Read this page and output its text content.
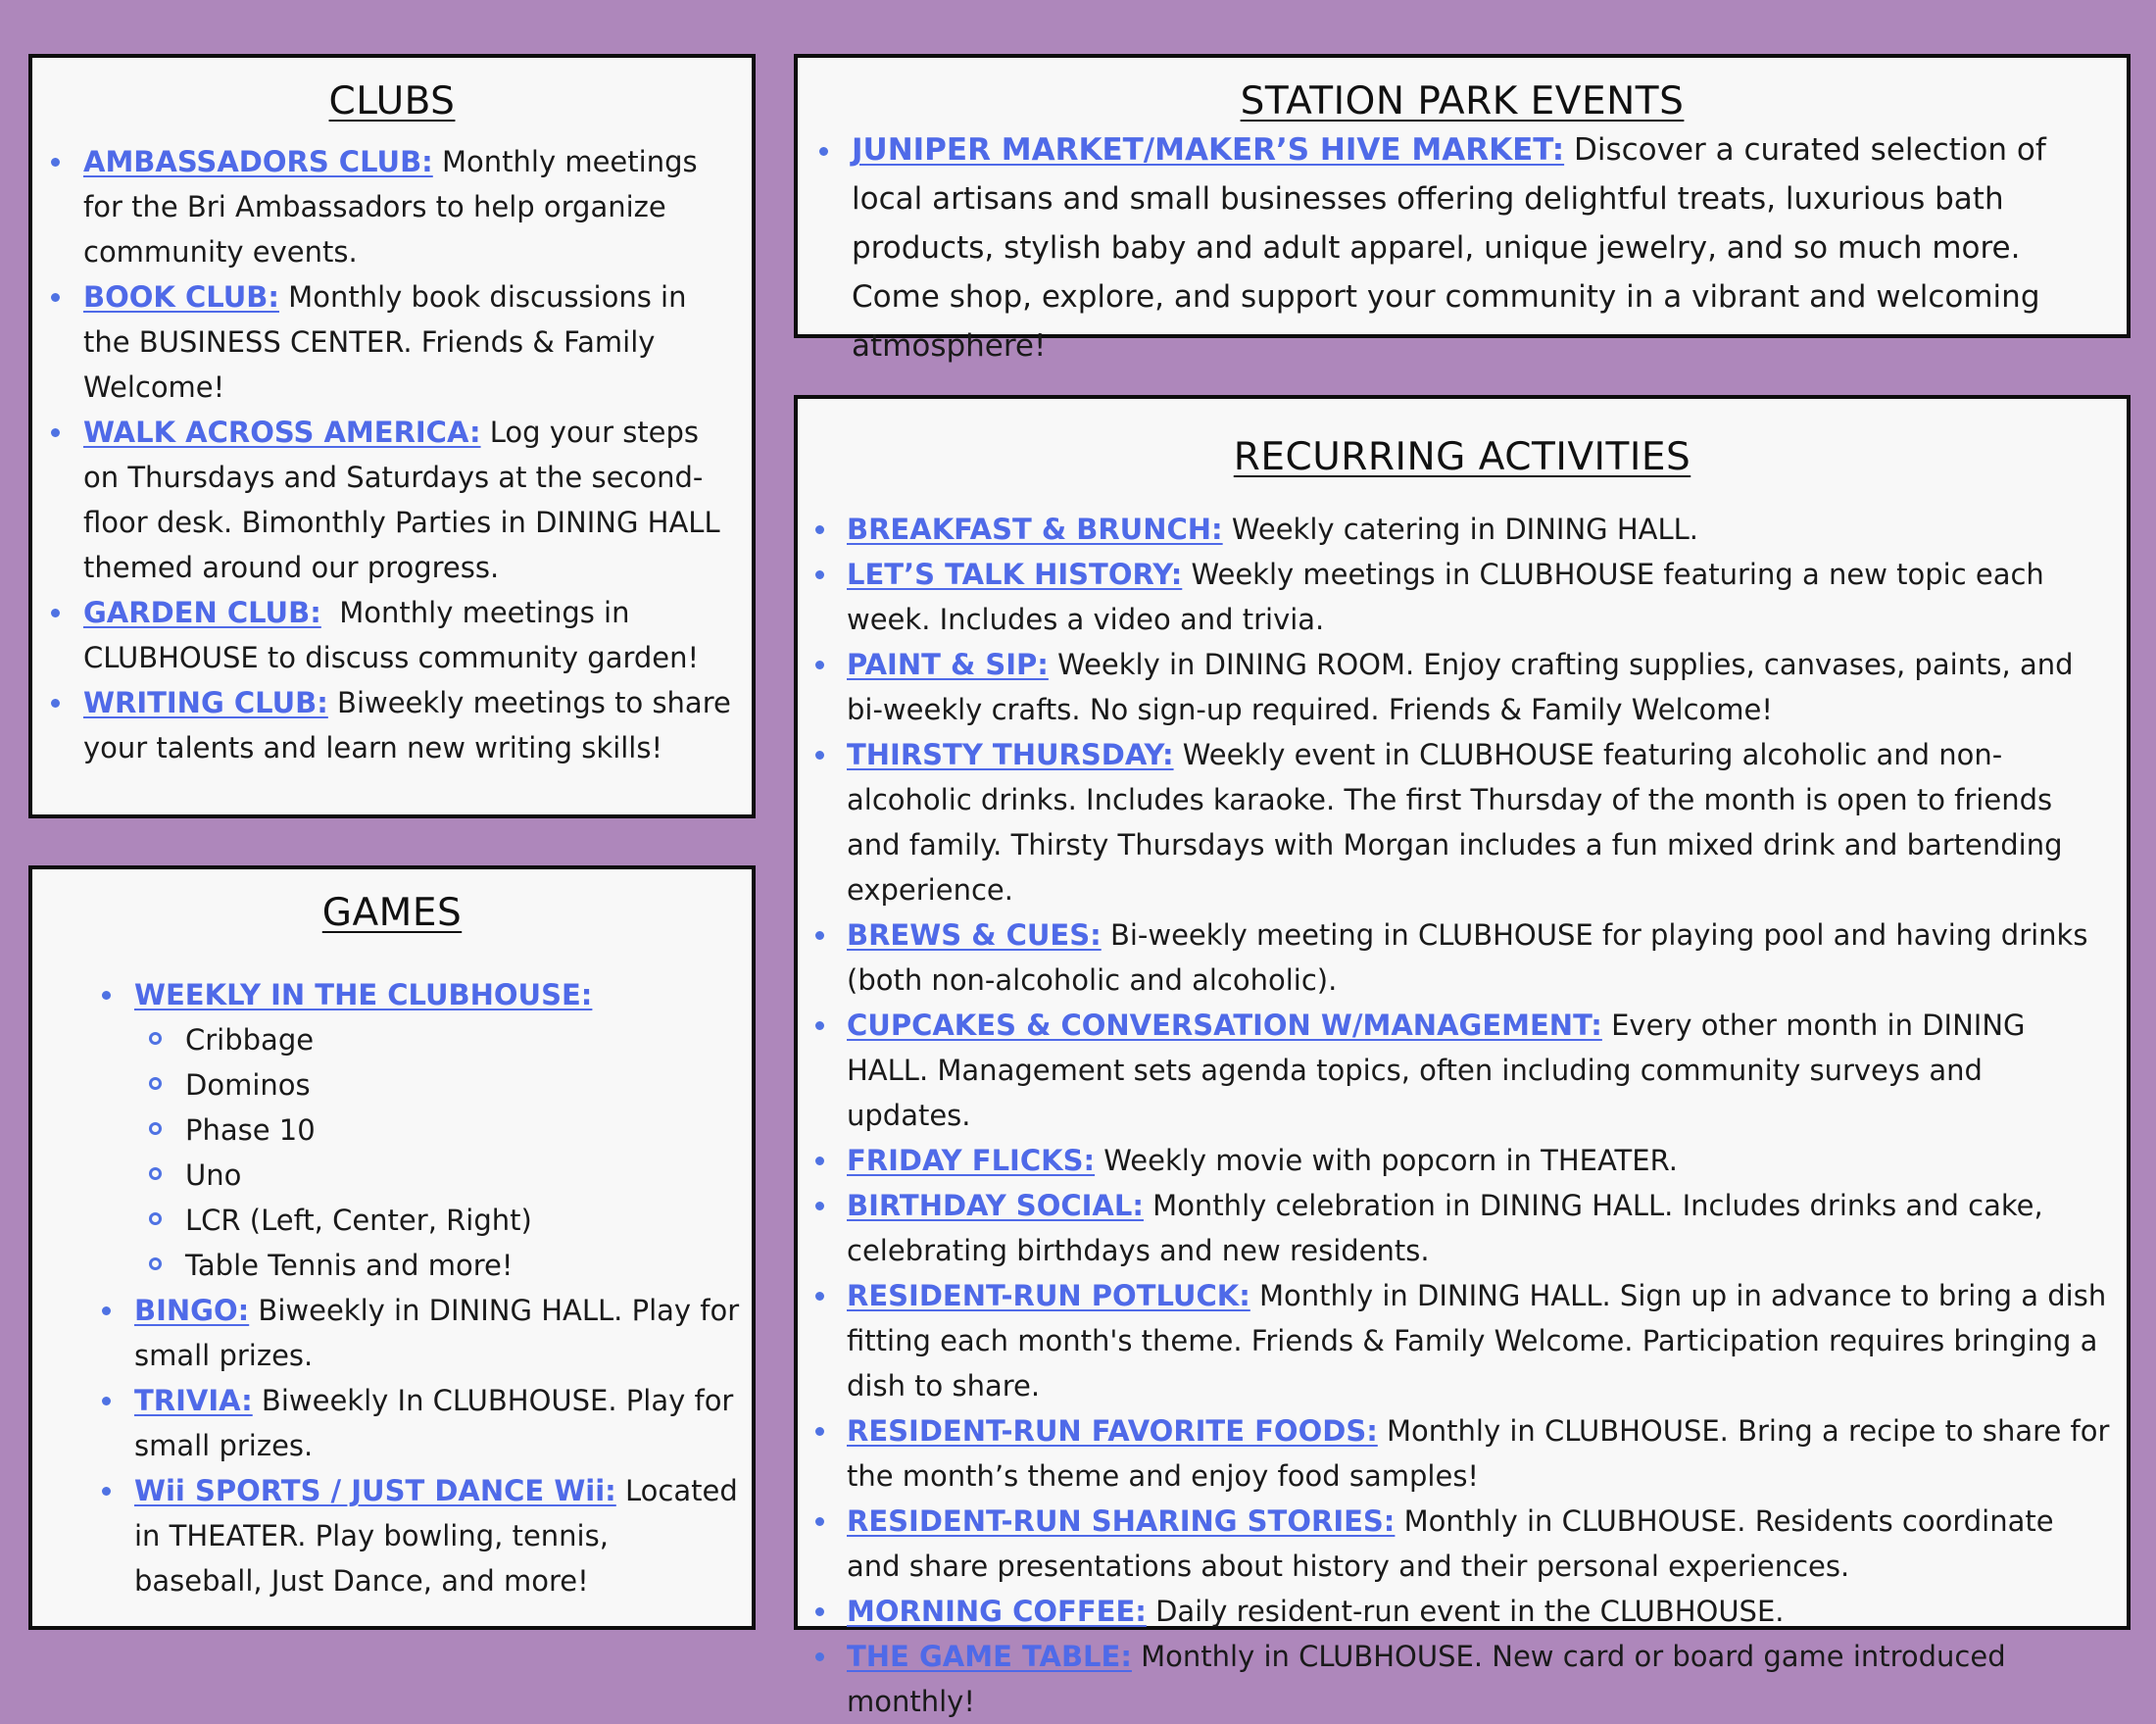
CLUBS
AMBASSADORS CLUB: Monthly meetings for the Bri Ambassadors to help organize community events.
BOOK CLUB: Monthly book discussions in the BUSINESS CENTER. Friends & Family Welcome!
WALK ACROSS AMERICA: Log your steps on Thursdays and Saturdays at the second-floor desk. Bimonthly Parties in DINING HALL themed around our progress.
GARDEN CLUB:  Monthly meetings in CLUBHOUSE to discuss community garden!
WRITING CLUB: Biweekly meetings to share your talents and learn new writing skills!
GAMES
WEEKLY IN THE CLUBHOUSE:
Cribbage
Dominos
Phase 10
Uno
LCR (Left, Center, Right)
Table Tennis and more!
BINGO: Biweekly in DINING HALL. Play for small prizes.
TRIVIA: Biweekly In CLUBHOUSE. Play for small prizes.
Wii SPORTS / JUST DANCE Wii: Located in THEATER. Play bowling, tennis, baseball, Just Dance, and more!
STATION PARK EVENTS
JUNIPER MARKET/MAKER’S HIVE MARKET: Discover a curated selection of local artisans and small businesses offering delightful treats, luxurious bath products, stylish baby and adult apparel, unique jewelry, and so much more. Come shop, explore, and support your community in a vibrant and welcoming atmosphere!
RECURRING ACTIVITIES
BREAKFAST & BRUNCH: Weekly catering in DINING HALL.
LET’S TALK HISTORY: Weekly meetings in CLUBHOUSE featuring a new topic each week. Includes a video and trivia.
PAINT & SIP: Weekly in DINING ROOM. Enjoy crafting supplies, canvases, paints, and bi-weekly crafts. No sign-up required. Friends & Family Welcome!
THIRSTY THURSDAY: Weekly event in CLUBHOUSE featuring alcoholic and non-alcoholic drinks. Includes karaoke. The first Thursday of the month is open to friends and family. Thirsty Thursdays with Morgan includes a fun mixed drink and bartending experience.
BREWS & CUES: Bi-weekly meeting in CLUBHOUSE for playing pool and having drinks (both non-alcoholic and alcoholic).
CUPCAKES & CONVERSATION W/MANAGEMENT: Every other month in DINING HALL. Management sets agenda topics, often including community surveys and updates.
FRIDAY FLICKS: Weekly movie with popcorn in THEATER.
BIRTHDAY SOCIAL: Monthly celebration in DINING HALL. Includes drinks and cake, celebrating birthdays and new residents.
RESIDENT-RUN POTLUCK: Monthly in DINING HALL. Sign up in advance to bring a dish fitting each month's theme. Friends & Family Welcome. Participation requires bringing a dish to share.
RESIDENT-RUN FAVORITE FOODS: Monthly in CLUBHOUSE. Bring a recipe to share for the month’s theme and enjoy food samples!
RESIDENT-RUN SHARING STORIES: Monthly in CLUBHOUSE. Residents coordinate and share presentations about history and their personal experiences.
MORNING COFFEE: Daily resident-run event in the CLUBHOUSE.
THE GAME TABLE: Monthly in CLUBHOUSE. New card or board game introduced monthly!
